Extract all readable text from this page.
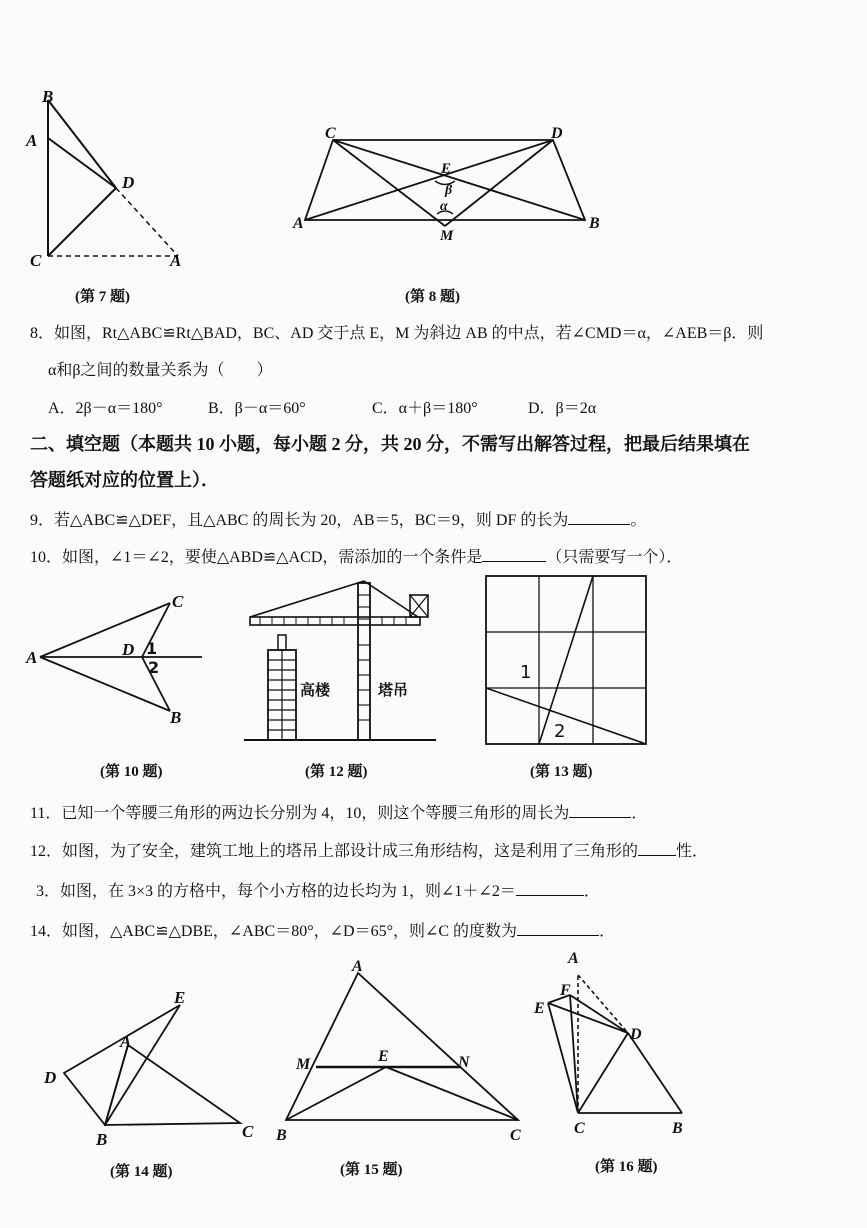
B
A
D
C	A
(第 7 题)
C	D
E
β
α
A
M
B
(第 8 题)
8．如图，Rt△ABC≌Rt△BAD，BC、AD 交于点 E，M 为斜边 AB 的中点，若∠CMD＝α，∠AEB＝β．则
α和β之间的数量关系为（　　）
A．2β－α＝180°	B．β－α＝60°	C．α＋β＝180°	D．β＝2α
二、填空题（本题共 10 小题，每小题 2 分，共 20 分，不需写出解答过程，把最后结果填在
答题纸对应的位置上）．
9．若△ABC≌△DEF，且△ABC 的周长为 20，AB＝5，BC＝9，则 DF 的长为	。
10．如图，∠1＝∠2，要使△ABD≌△ACD，需添加的一个条件是	（只需要写一个）．
A
C
D 1
2
B
(第 10 题)
高楼	塔吊
(第 12 题)
1
2
(第 13 题)
11．已知一个等腰三角形的两边长分别为 4，10，则这个等腰三角形的周长为	．
12．如图，为了安全，建筑工地上的塔吊上部设计成三角形结构，这是利用了三角形的 性．
3．如图，在 3×3 的方格中，每个小方格的边长均为 1，则∠1＋∠2＝	．
14．如图，△ABC≌△DBE，∠ABC＝80°，∠D＝65°，则∠C 的度数为	．
E
A
D
B	C
(第 14 题)
A
M	E	N
B	C
(第 15 题)
A
F
E
D
C	B
(第 16 题)
